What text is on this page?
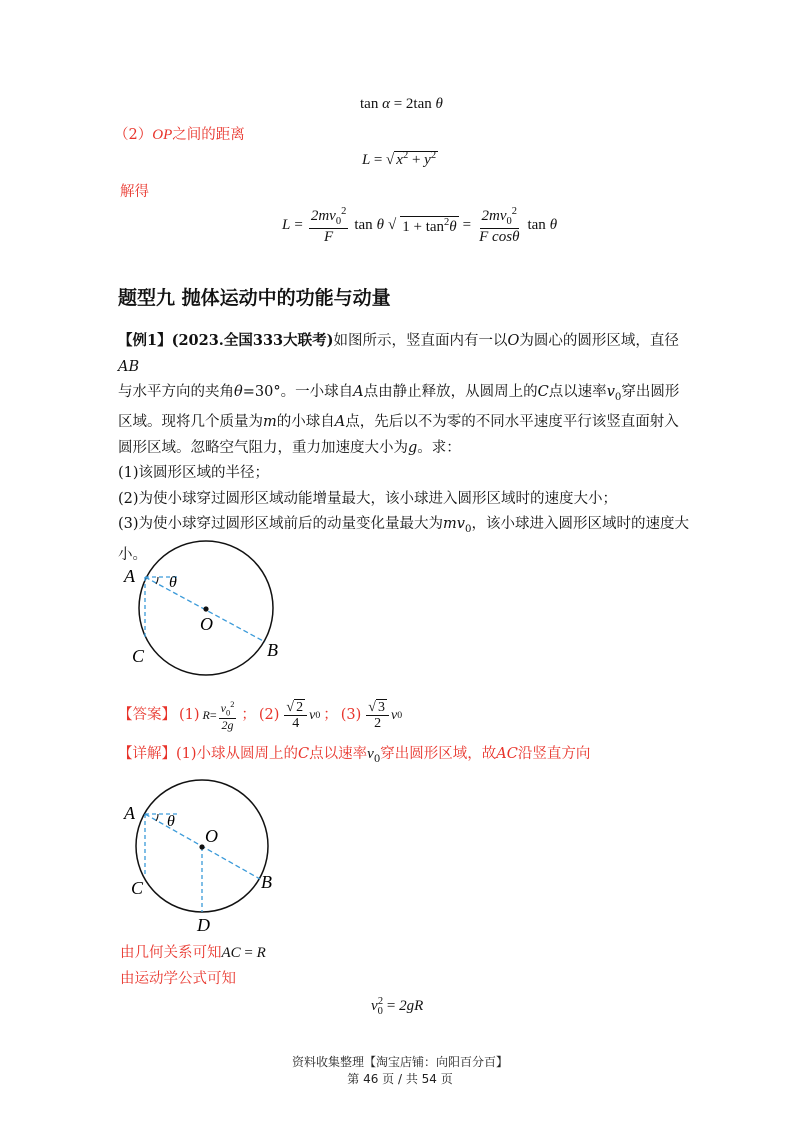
tan α = 2tan θ
（2）OP之间的距离
L = √ $x^2 + y^2$
解得
$L = \frac{2mv_0^2}{F}$ tan θ √ $1 + \tan^2\theta = \frac{2mv_0^2}{\text{F cosθ}}$ tan θ
题型九 抛体运动中的功能与动量
【例1】(2023.全国333大联考)如图所示，竖直面内有一以O为圆心的圆形区域，直径AB
与水平方向的夹角θ=30°。一小球自A点由静止释放，从圆周上的C点以速率$v_0$穿出圆形
区域。现将几个质量为m的小球自A点，先后以不为零的不同水平速度平行该竖直面射入
圆形区域。忽略空气阻力，重力加速度大小为g。求：
(1)该圆形区域的半径；
(2)为使小球穿过圆形区域动能增量最大，该小球进入圆形区域时的速度大小；
(3)为使小球穿过圆形区域前后的动量变化量最大为$mv_0$，该小球进入圆形区域时的速度大
小。
A θ
O
C	B
【答案】 (1) $R = \frac{v_0^2}{2g}$ ； $(2) \frac{√ 2}{4}$ v 0 ； $(3) \frac{√ 3}{2}$ v 0
【详解】(1)小球从圆周上的C点以速率$v_0$穿出圆形区域，故AC沿竖直方向
A θ
O
C	B
D
由几何关系可知AC = R
由运动学公式可知
$v_0^2 = 2gR$
资料收集整理【淘宝店铺：向阳百分百】
第 46 页 / 共 54 页
